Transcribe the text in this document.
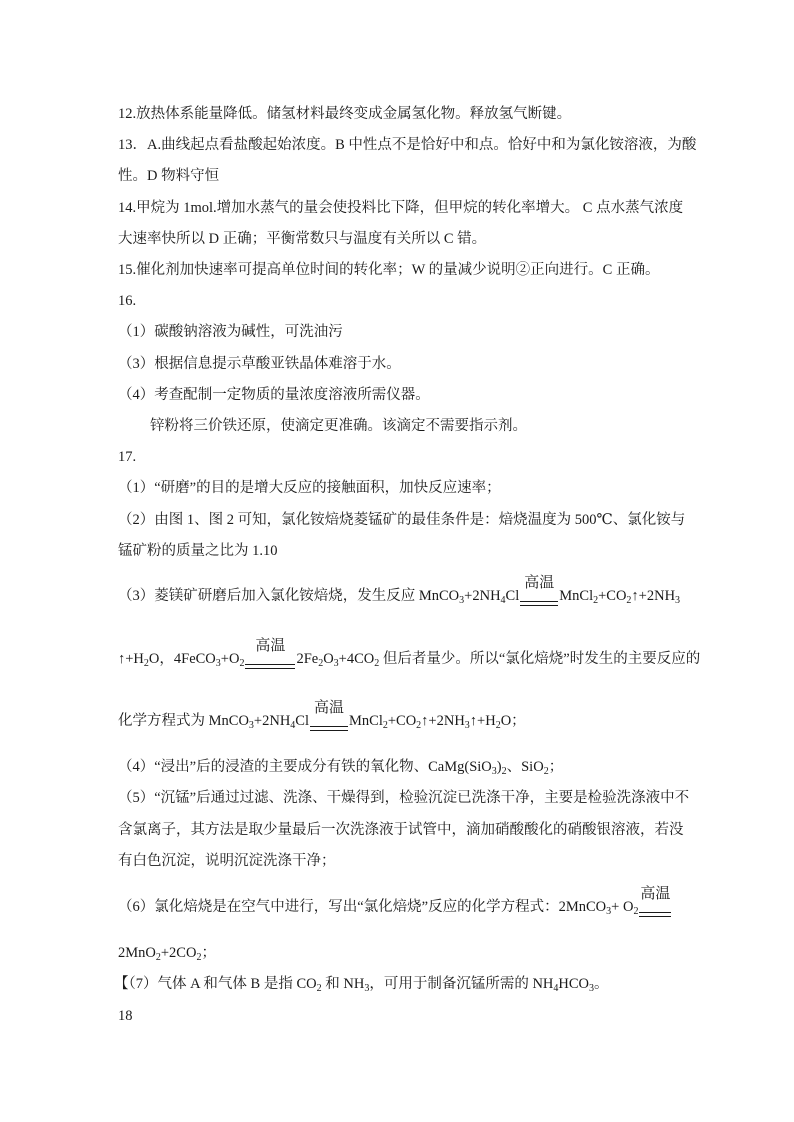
12.放热体系能量降低。储氢材料最终变成金属氢化物。释放氢气断键。
13．A.曲线起点看盐酸起始浓度。B 中性点不是恰好中和点。恰好中和为氯化铵溶液，为酸
性。D 物料守恒
14.甲烷为 1mol.增加水蒸气的量会使投料比下降，但甲烷的转化率增大。 C 点水蒸气浓度
大速率快所以 D 正确；平衡常数只与温度有关所以 C 错。
15.催化剂加快速率可提高单位时间的转化率；W 的量减少说明②正向进行。C 正确。
16.
（1）碳酸钠溶液为碱性，可洗油污
（3）根据信息提示草酸亚铁晶体难溶于水。
（4）考查配制一定物质的量浓度溶液所需仪器。
锌粉将三价铁还原，使滴定更准确。该滴定不需要指示剂。
17.
（1）“研磨”的目的是增大反应的接触面积，加快反应速率；
（2）由图 1、图 2 可知，氯化铵焙烧菱锰矿的最佳条件是：焙烧温度为 500℃、氯化铵与
锰矿粉的质量之比为 1.10
（3）菱镁矿研磨后加入氯化铵焙烧，发生反应 $MnCO_3+2NH_4Cl$
高温
$MnCl_2+CO_2↑+2NH_3$
$↑+H_2O$，$4FeCO_3+O_2$
高温
$2Fe_2O_3+4CO_2$ 但后者量少。所以“氯化焙烧”时发生的主要反应的
化学方程式为 $MnCO_3+2NH_4Cl$
高温
$MnCl_2+CO_2↑+2NH_3↑+H_2O$；
（4）“浸出”后的浸渣的主要成分有铁的氧化物、$CaMg(SiO_3)_2$、SiO$_2$；
（5）“沉锰”后通过过滤、洗涤、干燥得到，检验沉淀已洗涤干净，主要是检验洗涤液中不
含氯离子，其方法是取少量最后一次洗涤液于试管中，滴加硝酸酸化的硝酸银溶液，若没
有白色沉淀，说明沉淀洗涤干净；
（6）氯化焙烧是在空气中进行，写出“氯化焙烧”反应的化学方程式：2MnCO$_3$+ $O_2$
高温
$2MnO_2+2CO_2$；
【（7）气体 A 和气体 B 是指 $CO_2$ 和 $NH_3$，可用于制备沉锰所需的 $NH_4HCO_3$。
18
